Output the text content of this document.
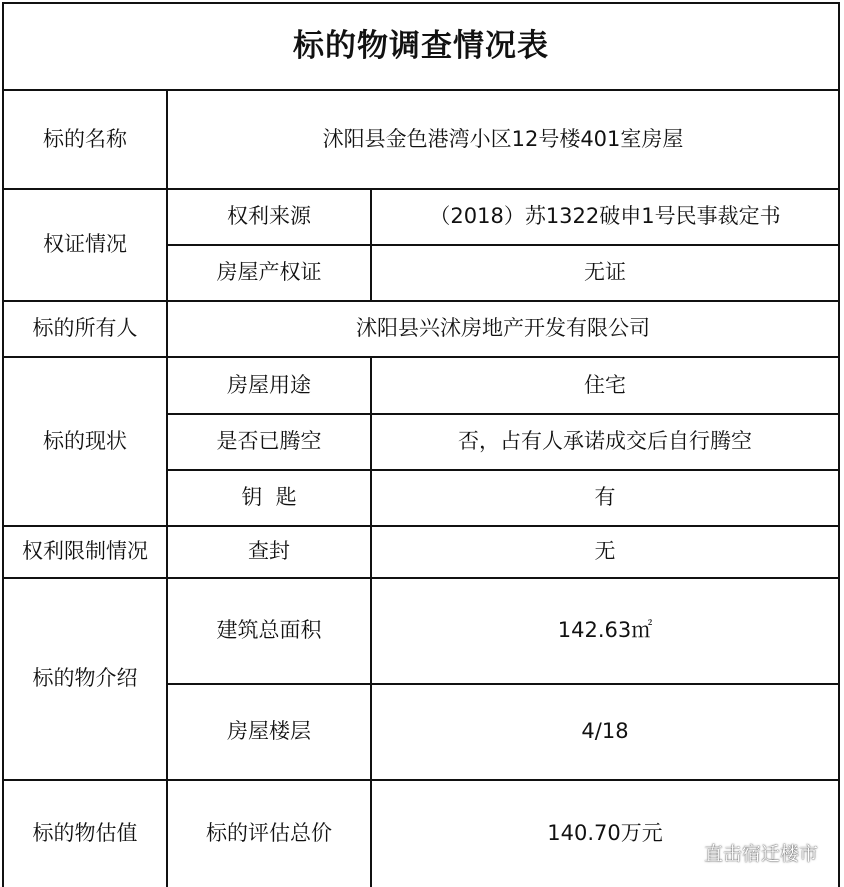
标的物调查情况表		
标的名称	沭阳县金色港湾小区12号楼401室房屋	
权证情况	权利来源	（2018）苏1322破申1号民事裁定书
	房屋产权证	无证
标的所有人	沭阳县兴沭房地产开发有限公司	
标的现状	房屋用途	住宅
	是否已腾空	否，占有人承诺成交后自行腾空
	钥  匙	有
权利限制情况	查封	无
标的物介绍	建筑总面积	142.63㎡
	房屋楼层	4/18
标的物估值	标的评估总价	140.70万元
直击宿迁楼市
